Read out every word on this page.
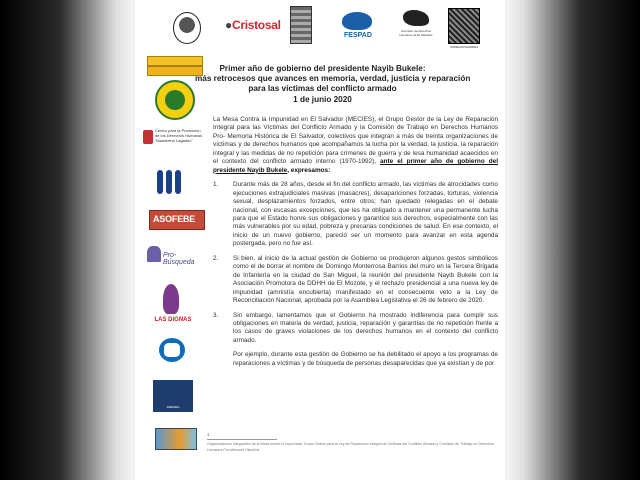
●Cristosal
FESPAD
Comisión de Derechos Humanos de El Salvador
CODEFAM MADRES
Centro para la Promoción de los Derechos Humanos "Madeleine Lagadec"
ASOFEBE
Pro-Búsqueda
LAS DIGNAS
AMDHES
Primer año de gobierno del presidente Nayib Bukele:
más retrocesos que avances en memoria, verdad, justicia y reparación
para las víctimas del conflicto armado
1 de junio 2020

La Mesa Contra la Impunidad en El Salvador (MECIES), el Grupo Gestor de la Ley de Reparación Integral para las Víctimas del Conflicto Armado y la Comisión de Trabajo en Derechos Humanos Pro- Memoria Histórica de El Salvador, colectivos que integran a más de treinta organizaciones de víctimas y de derechos humanos que acompañamos la lucha por la verdad, la justicia, la reparación integral y las medidas de no repetición para crímenes de guerra y de lesa humanidad acaecidos en el contexto del conflicto armado interno (1970-1992), ante el primer año de gobierno del presidente Nayib Bukele, expresamos:

1. Durante más de 28 años, desde el fin del conflicto armado, las víctimas de atrocidades como ejecuciones extrajudiciales masivas (masacres), desapariciones forzadas, torturas, violencia sexual, desplazamientos forzados, entre otros; han quedado relegadas en el debate nacional, con escasas excepciones, que les ha obligado a mantener una permanente lucha para que el Estado honre sus obligaciones y garantice sus derechos, especialmente con las más vulnerables por su edad, pobreza y precarias condiciones de salud. En ese contexto, el inicio de un nuevo gobierno, pareció ser un momento para avanzar en esta agenda postergada, pero no fue así.
2. Si bien, al inicio de la actual gestión de Gobierno se produjeron algunos gestos simbólicos como el de borrar el nombre de Domingo Monterrosa Barrios del muro en la Tercera Brigada de Infantería en la ciudad de San Miguel, la reunión del presidente Nayib Bukele con la Asociación Promotora de DDHH de El Mozote, y el rechazo presidencial a una nueva ley de impunidad (amnistía encubierta) manifestado en el consecuente veto a la Ley de Reconciliación Nacional, aprobada por la Asamblea Legislativa el 26 de febrero de 2020.
3. Sin embargo, lamentamos que el Gobierno ha mostrado indiferencia para cumplir sus obligaciones en materia de verdad, justicia, reparación y garantías de no repetición frente a los casos de graves violaciones de los derechos humanos en el contexto del conflicto armado.
Por ejemplo, durante esta gestión de Gobierno se ha debilitado el apoyo a los programas de reparaciones a víctimas y de búsqueda de personas desaparecidas que ya existían y de por
1
Organizaciones integrantes de la Mesa contra la Impunidad, Grupo Gestor para la Ley de Reparación integral de Víctimas del Conflicto Armado y Comisión de Trabajo en Derechos Humanos Pro-Memoria Histórica.
